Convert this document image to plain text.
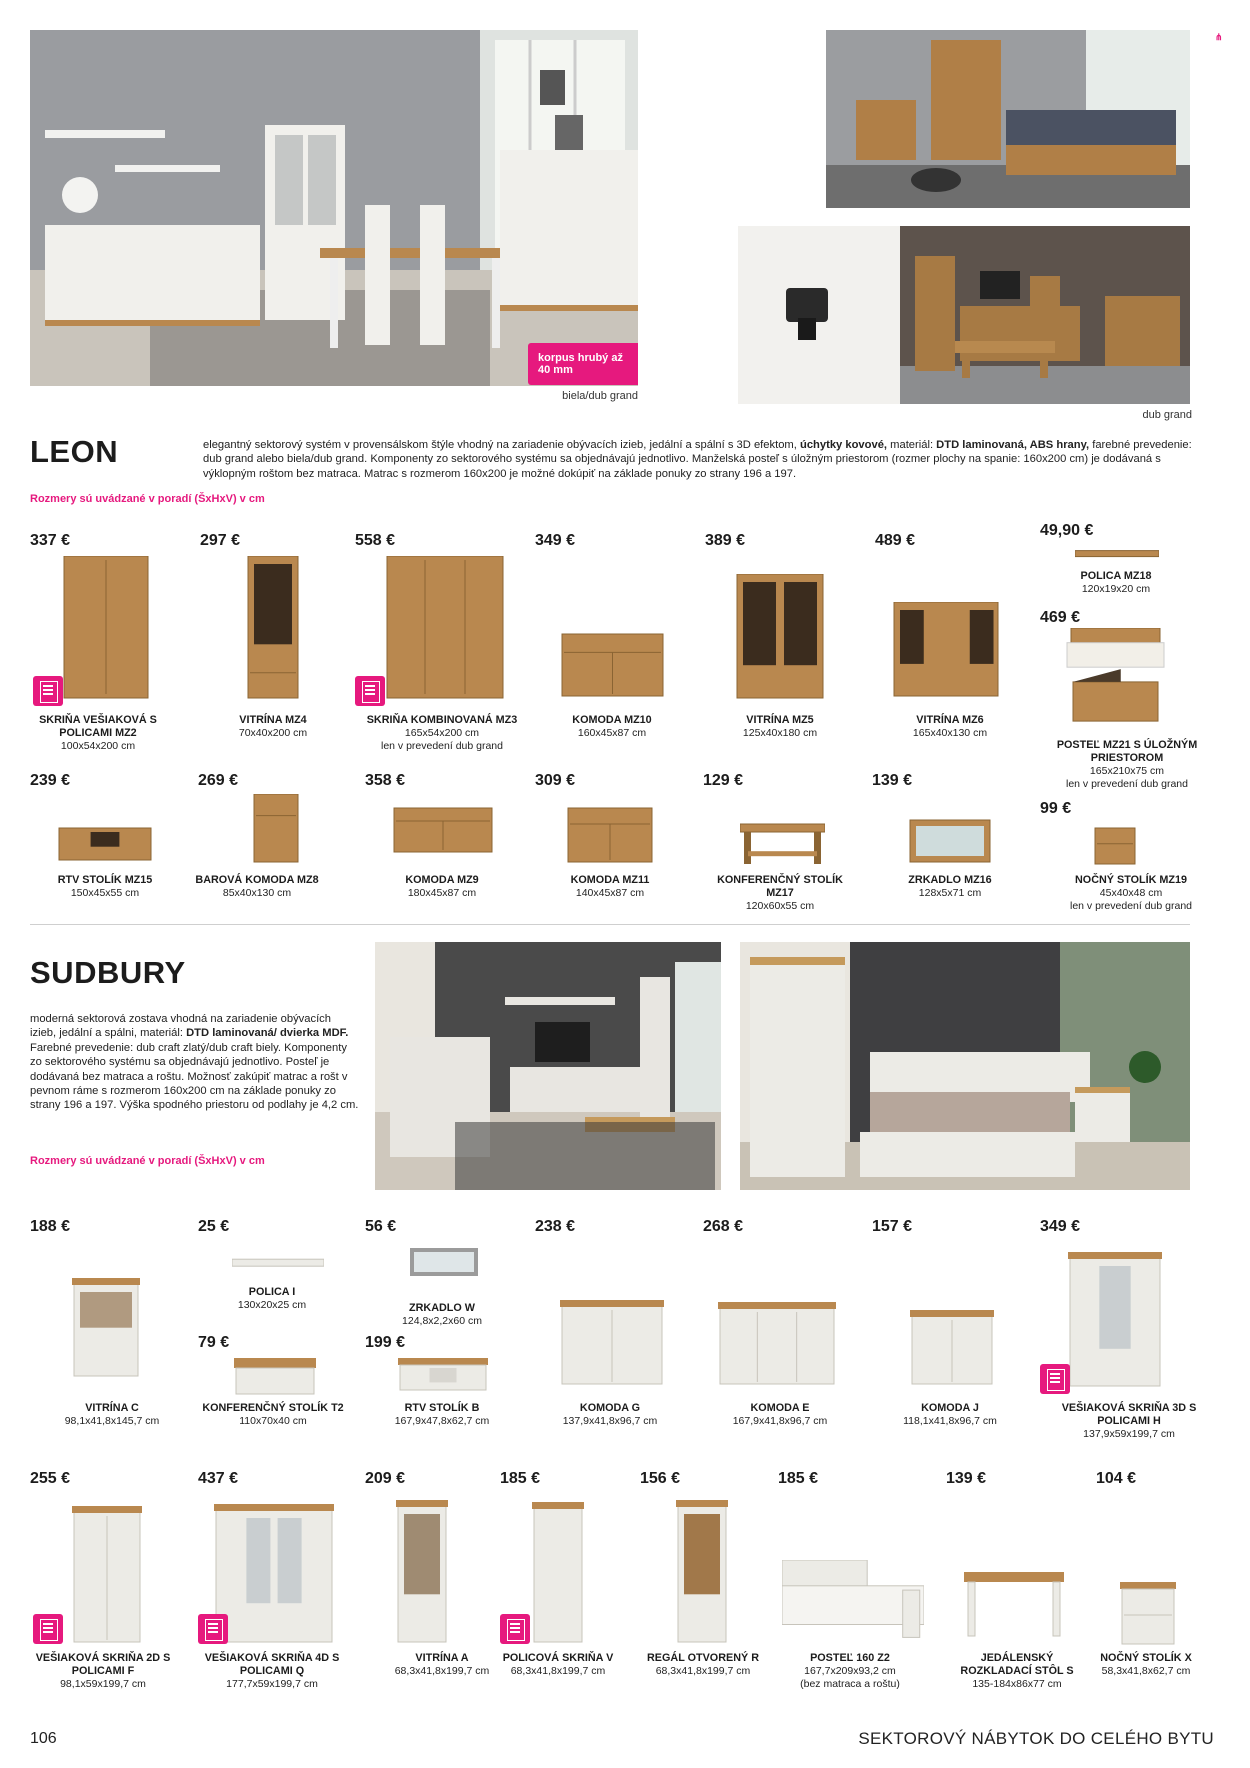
korpus hrubý až 40 mm
biela/dub grand
dub grand
⋔
LEON	elegantný sektorový systém v provensálskom štýle vhodný na zariadenie obývacích izieb, jedální a spální s 3D efektom, úchytky kovové, materiál: DTD laminovaná, ABS hrany, farebné prevedenie: dub grand alebo biela/dub grand. Komponenty zo sektorového systému sa objednávajú jednotlivo. Manželská posteľ s úložným priestorom (rozmer plochy na spanie: 160x200 cm) je dodávaná s výklopným roštom bez matraca. Matrac s rozmerom 160x200 je možné dokúpiť na základe ponuky zo strany 196 a 197.
Rozmery sú uvádzané v poradí (ŠxHxV) v cm
337 €
SKRIŇA VEŠIAKOVÁ S
POLICAMI MZ2
100x54x200 cm
297 €
VITRÍNA MZ4
70x40x200 cm
558 €
SKRIŇA KOMBINOVANÁ MZ3
165x54x200 cm
len v prevedení dub grand
349 €
KOMODA MZ10
160x45x87 cm
389 €
VITRÍNA MZ5
125x40x180 cm
489 €
VITRÍNA MZ6
165x40x130 cm
49,90 €
POLICA MZ18
120x19x20 cm
469 €
POSTEĽ MZ21 S ÚLOŽNÝM
PRIESTOROM
165x210x75 cm
len v prevedení dub grand
239 €
RTV STOLÍK MZ15
150x45x55 cm
269 €
BAROVÁ KOMODA MZ8
85x40x130 cm
358 €
KOMODA MZ9
180x45x87 cm
309 €
KOMODA MZ11
140x45x87 cm
129 €
KONFERENČNÝ STOLÍK
MZ17
120x60x55 cm
139 €
ZRKADLO MZ16
128x5x71 cm
99 €
NOČNÝ STOLÍK MZ19
45x40x48 cm
len v prevedení dub grand
SUDBURY
moderná sektorová zostava vhodná na zariadenie obývacích izieb, jedální a spálni, materiál: DTD laminovaná/ dvierka MDF. Farebné prevedenie: dub craft zlatý/dub craft biely. Komponenty zo sektorového systému sa objednávajú jednotlivo. Posteľ je dodávaná bez matraca a roštu. Možnosť zakúpiť matrac a rošt v pevnom ráme s rozmerom 160x200 cm na základe ponuky zo strany 196 a 197. Výška spodného priestoru od podlahy je 4,2 cm.
Rozmery sú uvádzané v poradí (ŠxHxV) v cm
188 €
VITRÍNA C
98,1x41,8x145,7 cm
25 €
POLICA I
130x20x25 cm
56 €
ZRKADLO W
124,8x2,2x60 cm
238 €
KOMODA G
137,9x41,8x96,7 cm
268 €
KOMODA E
167,9x41,8x96,7 cm
157 €
KOMODA J
118,1x41,8x96,7 cm
349 €
VEŠIAKOVÁ SKRIŇA 3D S
POLICAMI H
137,9x59x199,7 cm
79 €
KONFERENČNÝ STOLÍK T2
110x70x40 cm
199 €
RTV STOLÍK B
167,9x47,8x62,7 cm
255 €
VEŠIAKOVÁ SKRIŇA 2D S
POLICAMI F
98,1x59x199,7 cm
437 €
VEŠIAKOVÁ SKRIŇA 4D S
POLICAMI Q
177,7x59x199,7 cm
209 €
VITRÍNA A
68,3x41,8x199,7 cm
185 €
POLICOVÁ SKRIŇA V
68,3x41,8x199,7 cm
156 €
REGÁL OTVORENÝ R
68,3x41,8x199,7 cm
185 €
POSTEĽ 160 Z2
167,7x209x93,2 cm
(bez matraca a roštu)
139 €
JEDÁLENSKÝ
ROZKLADACÍ STÔL S
135-184x86x77 cm
104 €
NOČNÝ STOLÍK X
58,3x41,8x62,7 cm
106	SEKTOROVÝ NÁBYTOK DO CELÉHO BYTU
